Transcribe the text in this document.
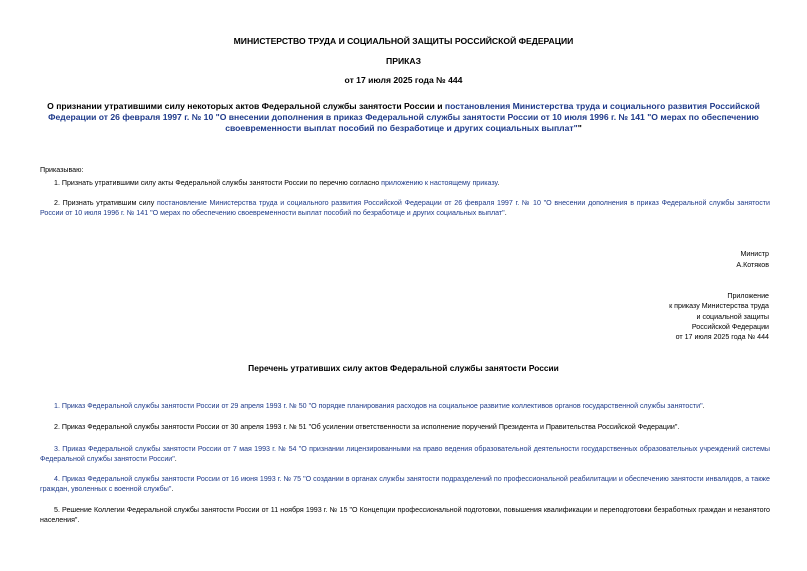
МИНИСТЕРСТВО ТРУДА И СОЦИАЛЬНОЙ ЗАЩИТЫ РОССИЙСКОЙ ФЕДЕРАЦИИ
ПРИКАЗ
от 17 июля 2025 года № 444
О признании утратившими силу некоторых актов Федеральной службы занятости России и постановления Министерства труда и социального развития Российской Федерации от 26 февраля 1997 г. № 10 "О внесении дополнения в приказ Федеральной службы занятости России от 10 июля 1996 г. № 141 "О мерах по обеспечению своевременности выплат пособий по безработице и других социальных выплат""
Приказываю:
1. Признать утратившими силу акты Федеральной службы занятости России по перечню согласно приложению к настоящему приказу.
2. Признать утратившим силу постановление Министерства труда и социального развития Российской Федерации от 26 февраля 1997 г. № 10 "О внесении дополнения в приказ Федеральной службы занятости России от 10 июля 1996 г. № 141 "О мерах по обеспечению своевременности выплат пособий по безработице и других социальных выплат".
Министр
А.Котяков
Приложение
к приказу Министерства труда
и социальной защиты
Российской Федерации
от 17 июля 2025 года № 444
Перечень утративших силу актов Федеральной службы занятости России
1. Приказ Федеральной службы занятости России от 29 апреля 1993 г. № 50 "О порядке планирования расходов на социальное развитие коллективов органов государственной службы занятости".
2. Приказ Федеральной службы занятости России от 30 апреля 1993 г. № 51 "Об усилении ответственности за исполнение поручений Президента и Правительства Российской Федерации".
3. Приказ Федеральной службы занятости России от 7 мая 1993 г. № 54 "О признании лицензированными на право ведения образовательной деятельности государственных образовательных учреждений системы Федеральной службы занятости России".
4. Приказ Федеральной службы занятости России от 16 июня 1993 г. № 75 "О создании в органах службы занятости подразделений по профессиональной реабилитации и обеспечению занятости инвалидов, а также граждан, уволенных с военной службы".
5. Решение Коллегии Федеральной службы занятости России от 11 ноября 1993 г. № 15 "О Концепции профессиональной подготовки, повышения квалификации и переподготовки безработных граждан и незанятого населения".
